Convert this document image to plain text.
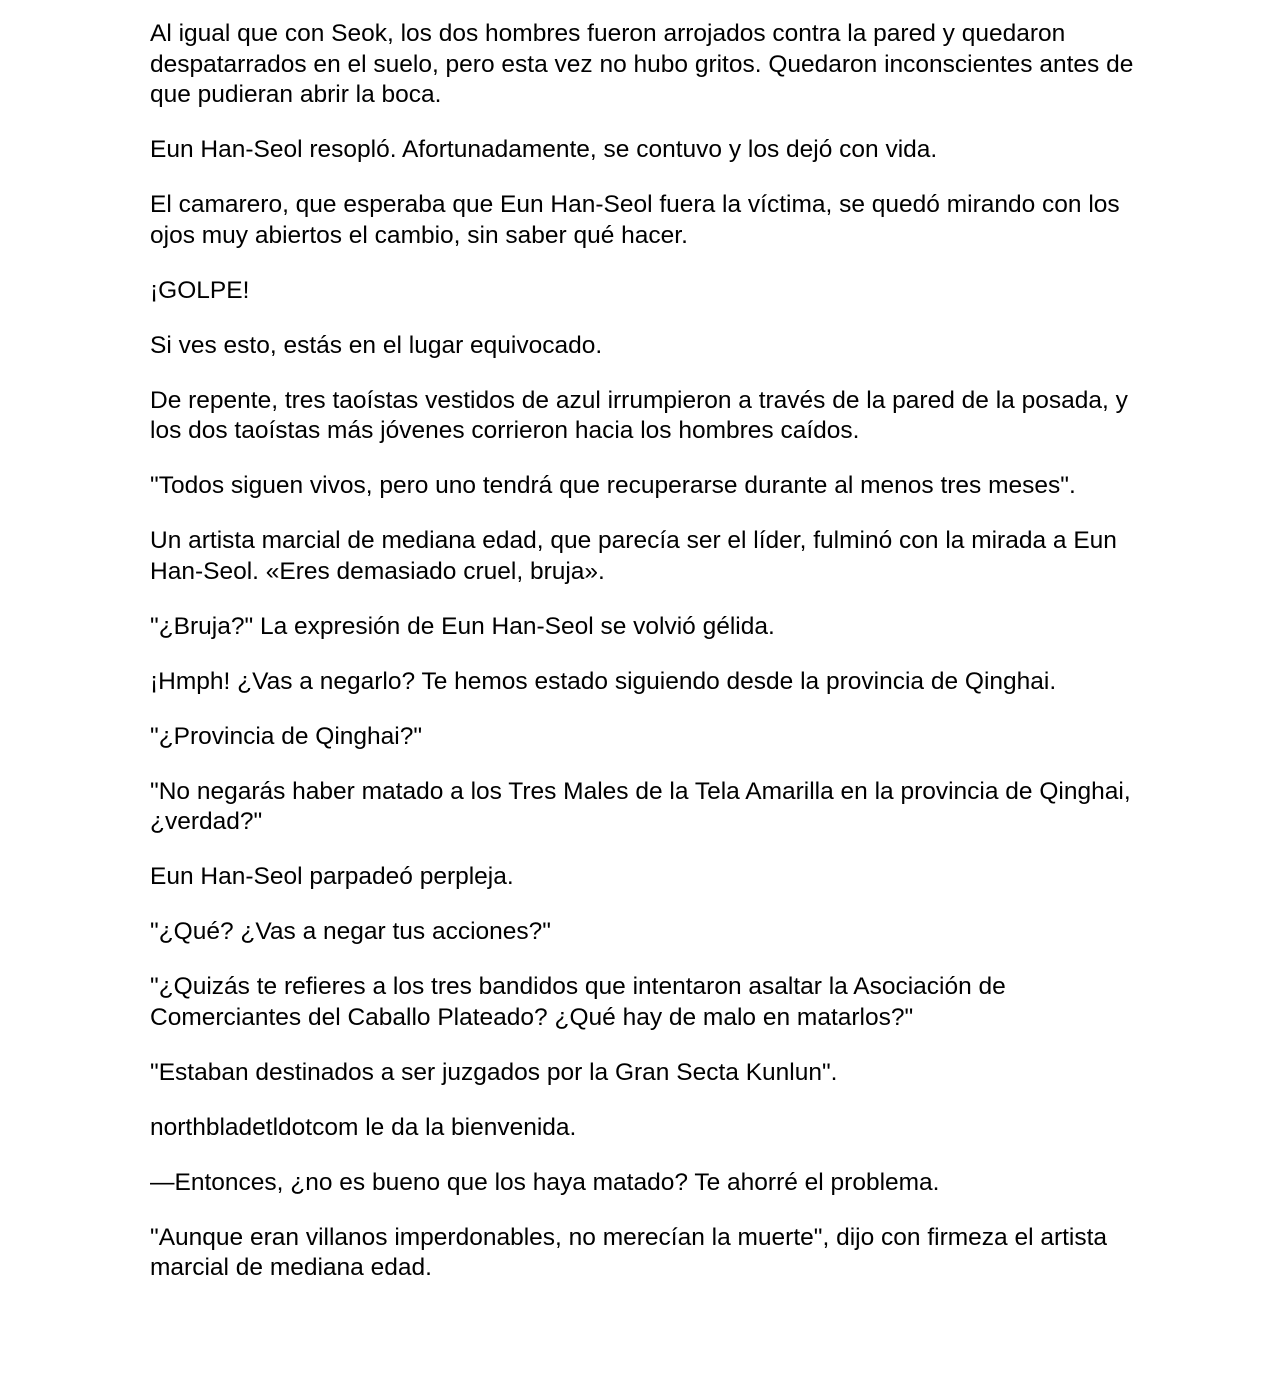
Al igual que con Seok, los dos hombres fueron arrojados contra la pared y quedaron despatarrados en el suelo, pero esta vez no hubo gritos. Quedaron inconscientes antes de que pudieran abrir la boca.

Eun Han-Seol resopló. Afortunadamente, se contuvo y los dejó con vida.

El camarero, que esperaba que Eun Han-Seol fuera la víctima, se quedó mirando con los ojos muy abiertos el cambio, sin saber qué hacer.

¡GOLPE!

Si ves esto, estás en el lugar equivocado.

De repente, tres taoístas vestidos de azul irrumpieron a través de la pared de la posada, y los dos taoístas más jóvenes corrieron hacia los hombres caídos.

"Todos siguen vivos, pero uno tendrá que recuperarse durante al menos tres meses".

Un artista marcial de mediana edad, que parecía ser el líder, fulminó con la mirada a Eun Han-Seol. «Eres demasiado cruel, bruja».

"¿Bruja?" La expresión de Eun Han-Seol se volvió gélida.

¡Hmph! ¿Vas a negarlo? Te hemos estado siguiendo desde la provincia de Qinghai.

"¿Provincia de Qinghai?"

"No negarás haber matado a los Tres Males de la Tela Amarilla en la provincia de Qinghai, ¿verdad?"

Eun Han-Seol parpadeó perpleja.

"¿Qué? ¿Vas a negar tus acciones?"

"¿Quizás te refieres a los tres bandidos que intentaron asaltar la Asociación de Comerciantes del Caballo Plateado? ¿Qué hay de malo en matarlos?"

"Estaban destinados a ser juzgados por la Gran Secta Kunlun".

northbladetldotcom le da la bienvenida.

—Entonces, ¿no es bueno que los haya matado? Te ahorré el problema.

"Aunque eran villanos imperdonables, no merecían la muerte", dijo con firmeza el artista marcial de mediana edad.
